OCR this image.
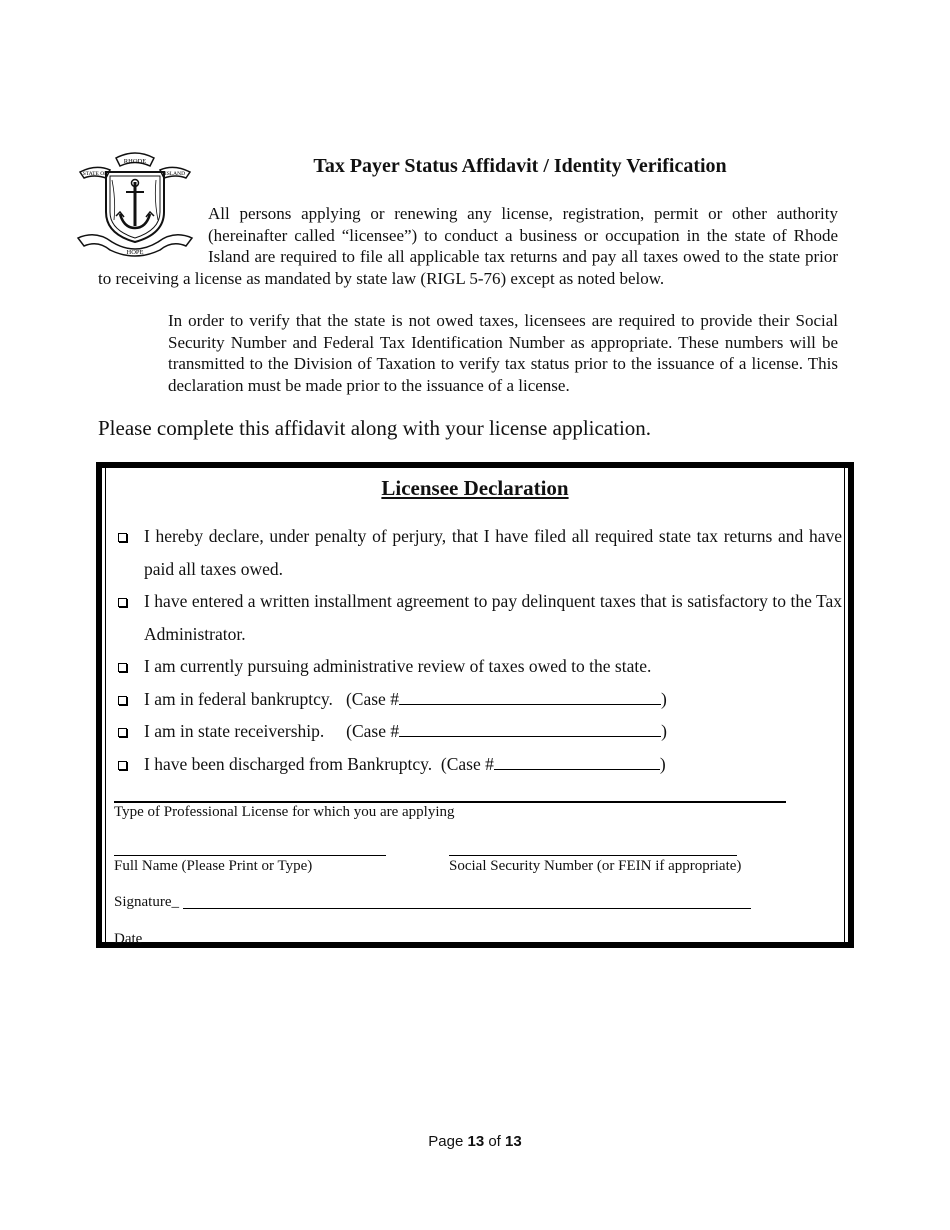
RHODE
STATE OF	ISLAND
HOPE
Tax Payer Status Affidavit / Identity Verification
All persons applying or renewing any license, registration, permit or other authority (hereinafter called “licensee”) to conduct a business or occupation in the state of Rhode Island are required to file all applicable tax returns and pay all taxes owed to the state prior to receiving a license as mandated by state law (RIGL 5-76) except as noted below.
In order to verify that the state is not owed taxes, licensees are required to provide their Social Security Number and Federal Tax Identification Number as appropriate. These numbers will be transmitted to the Division of Taxation to verify tax status prior to the issuance of a license. This declaration must be made prior to the issuance of a license.
Please complete this affidavit along with your license application.
Licensee Declaration
I hereby declare, under penalty of perjury, that I have filed all required state tax returns and have paid all taxes owed.
I have entered a written installment agreement to pay delinquent taxes that is satisfactory to the Tax Administrator.
I am currently pursuing administrative review of taxes owed to the state.
I am in federal bankruptcy.   (Case #	)
I am in state receivership.     (Case #	)
I have been discharged from Bankruptcy.  (Case #	)
Type of Professional License for which you are applying
Full Name (Please Print or Type)	Social Security Number (or FEIN if appropriate)
Signature_
Date
Page 13 of 13
